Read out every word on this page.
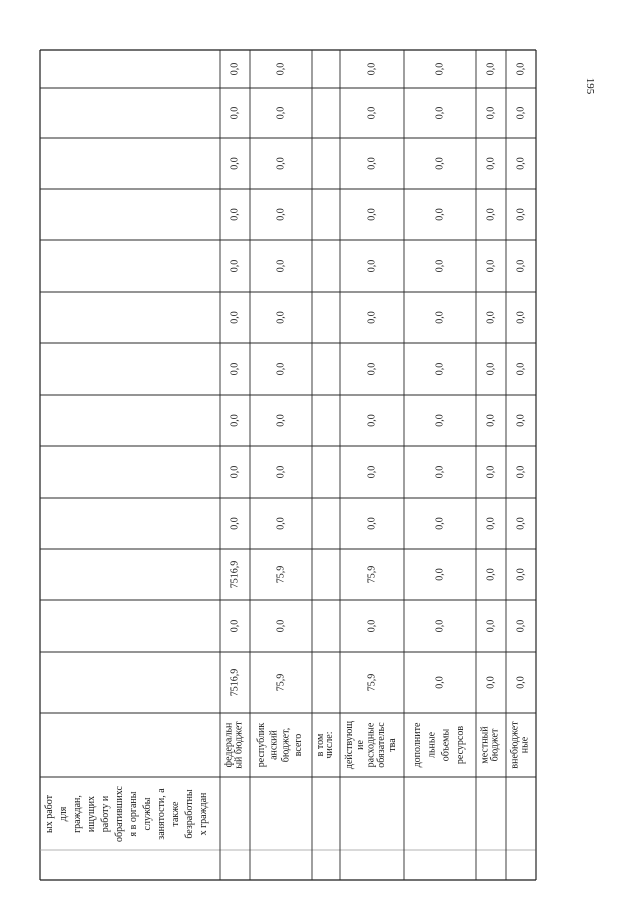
195
ых работ для граждан, ищущих работу и обратившихс я в органы службы занятости, а также безработны х граждан
федеральн ый бюджет
7516,9
0,0
7516,9
0,0
0,0
0,0
0,0
0,0
0,0
0,0
0,0
0,0
0,0
республик анский бюджет, всего
75,9
0,0
75,9
0,0
0,0
0,0
0,0
0,0
0,0
0,0
0,0
0,0
0,0
в том
числе: действующ ие расходные обязательс тва
75,9
0,0
75,9
0,0
0,0
0,0
0,0
0,0
0,0
0,0
0,0
0,0
0,0
дополните льные объемы ресурсов
0,0
0,0
0,0
0,0
0,0
0,0
0,0
0,0
0,0
0,0
0,0
0,0
0,0
местный бюджет
0,0
0,0
0,0
0,0
0,0
0,0
0,0
0,0
0,0
0,0
0,0
0,0
0,0
внебюджет ные
0,0
0,0
0,0
0,0
0,0
0,0
0,0
0,0
0,0
0,0
0,0
0,0
0,0
